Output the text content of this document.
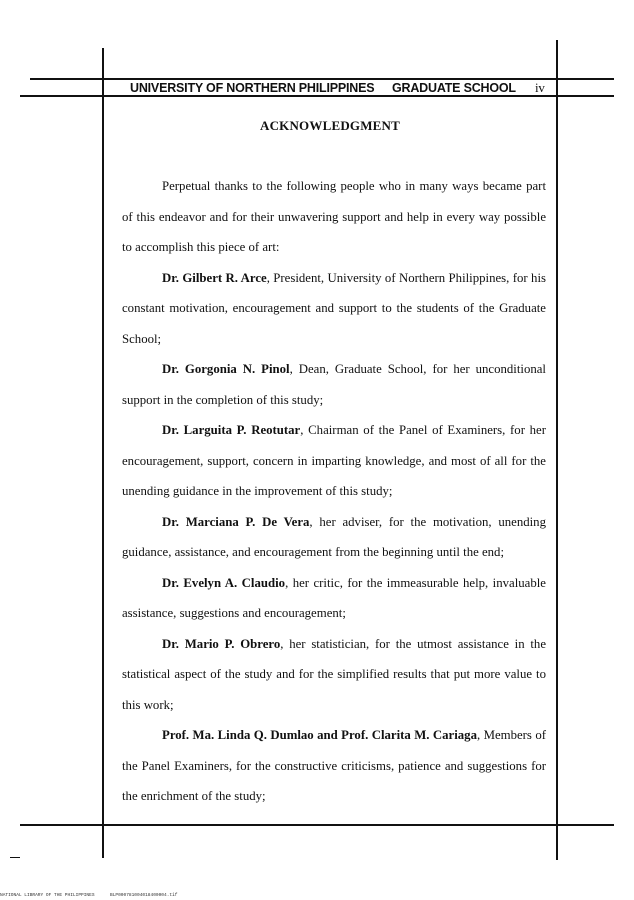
UNIVERSITY OF NORTHERN PHILIPPINES GRADUATE SCHOOL iv
ACKNOWLEDGMENT

Perpetual thanks to the following people who in many ways became part of this endeavor and for their unwavering support and help in every way possible to accomplish this piece of art:

Dr. Gilbert R. Arce, President, University of Northern Philippines, for his constant motivation, encouragement and support to the students of the Graduate School;

Dr. Gorgonia N. Pinol, Dean, Graduate School, for her unconditional support in the completion of this study;

Dr. Larguita P. Reotutar, Chairman of the Panel of Examiners, for her encouragement, support, concern in imparting knowledge, and most of all for the unending guidance in the improvement of this study;

Dr. Marciana P. De Vera, her adviser, for the motivation, unending guidance, assistance, and encouragement from the beginning until the end;

Dr. Evelyn A. Claudio, her critic, for the immeasurable help, invaluable assistance, suggestions and encouragement;

Dr. Mario P. Obrero, her statistician, for the utmost assistance in the statistical aspect of the study and for the simplified results that put more value to this work;

Prof. Ma. Linda Q. Dumlao and Prof. Clarita M. Cariaga, Members of the Panel Examiners, for the constructive criticisms, patience and suggestions for the enrichment of the study;

NATIONAL LIBRARY OF THE PHILIPPINES	BLP000781004018400004.tif
